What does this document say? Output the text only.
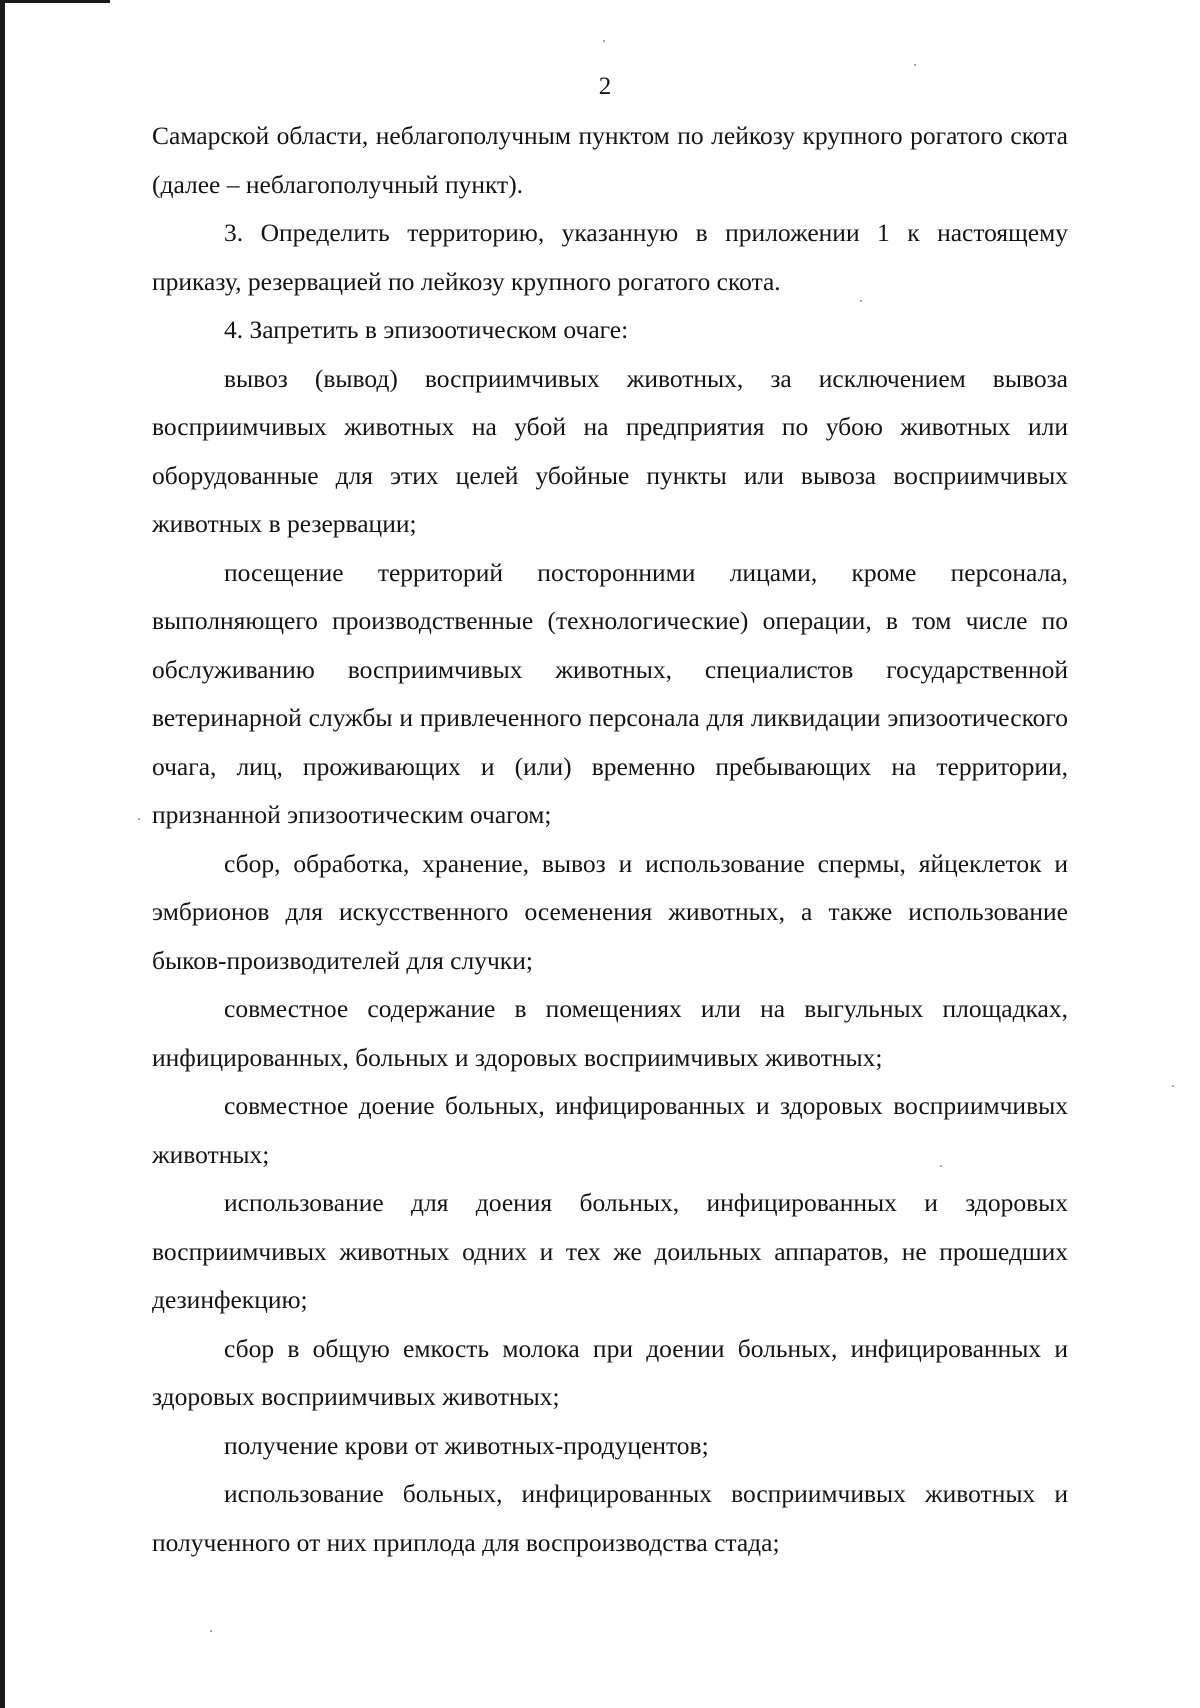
2

Самарской области, неблагополучным пунктом по лейкозу крупного рогатого скота (далее – неблагополучный пункт).

3. Определить территорию, указанную в приложении 1 к настоящему приказу, резервацией по лейкозу крупного рогатого скота.

4. Запретить в эпизоотическом очаге:

вывоз (вывод) восприимчивых животных, за исключением вывоза восприимчивых животных на убой на предприятия по убою животных или оборудованные для этих целей убойные пункты или вывоза восприимчивых животных в резервации;

посещение территорий посторонними лицами, кроме персонала, выполняющего производственные (технологические) операции, в том числе по обслуживанию восприимчивых животных, специалистов государственной ветеринарной службы и привлеченного персонала для ликвидации эпизоотического очага, лиц, проживающих и (или) временно пребывающих на территории, признанной эпизоотическим очагом;

сбор, обработка, хранение, вывоз и использование спермы, яйцеклеток и эмбрионов для искусственного осеменения животных, а также использование быков-производителей для случки;

совместное содержание в помещениях или на выгульных площадках, инфицированных, больных и здоровых восприимчивых животных;

совместное доение больных, инфицированных и здоровых восприимчивых животных;

использование для доения больных, инфицированных и здоровых восприимчивых животных одних и тех же доильных аппаратов, не прошедших дезинфекцию;

сбор в общую емкость молока при доении больных, инфицированных и здоровых восприимчивых животных;

получение крови от животных-продуцентов;

использование больных, инфицированных восприимчивых животных и полученного от них приплода для воспроизводства стада;
